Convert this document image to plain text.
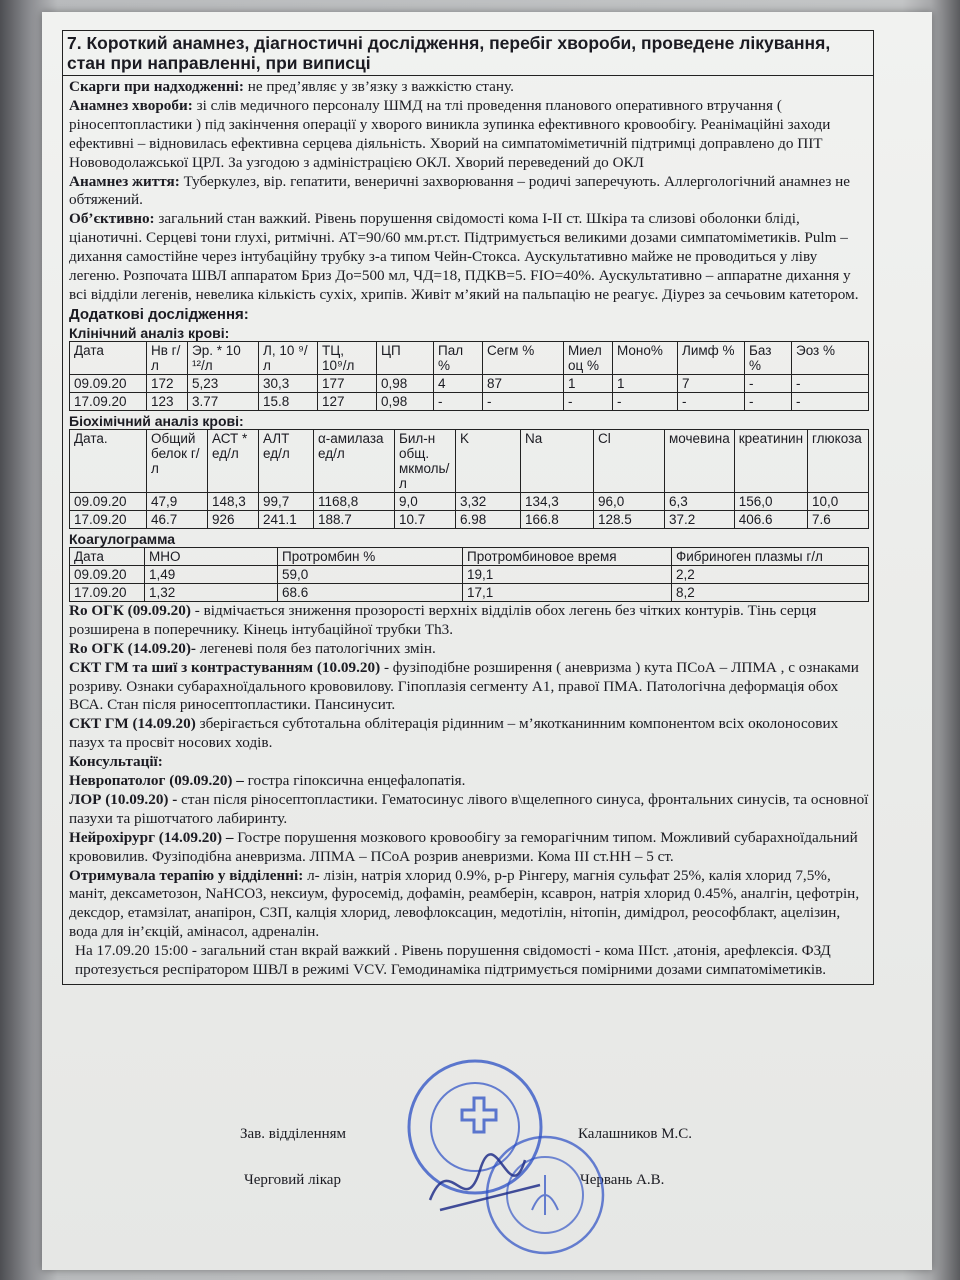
7. Короткий анамнез, діагностичні дослідження, перебіг хвороби, проведене лікування, стан при направленні, при виписці

Скарги при надходженні: не пред’являє у зв’язку з важкістю стану.

Анамнез хвороби: зі слів медичного персоналу ШМД на тлі проведення планового оперативного втручання ( ріносептопластики ) під закінчення операції у хворого виникла зупинка ефективного кровообігу. Реанімаційні заходи ефективні – відновилась ефективна серцева діяльність. Хворий на симпатоміметичній підтримці доправлено до ПІТ Нововодолажської ЦРЛ. За узгодою з адміністрацією ОКЛ. Хворий переведений до ОКЛ

Анамнез життя: Туберкулез, вір. гепатити, венеричні захворювання – родичі заперечують. Аллергологічний анамнез не обтяжений.

Об’єктивно: загальний стан важкий. Рівень порушення свідомості кома І-ІІ ст. Шкіра та слизові оболонки бліді, ціанотичні. Серцеві тони глухі, ритмічні. АТ=90/60 мм.рт.ст. Підтримується великими дозами симпатоміметиків. Pulm – дихання самостійне через інтубаційну трубку з-а типом Чейн-Стокса. Аускультативно майже не проводиться у ліву легеню. Розпочата ШВЛ аппаратом Бриз До=500 мл, ЧД=18, ПДКВ=5. FIO=40%. Аускультативно – аппаратне дихання у всі відділи легенів, невелика кількість сухіх, хрипів. Живіт м’який на пальпацію не реагує. Діурез за сечьовим катетором.

Додаткові дослідження:

Клінічний аналіз крові:
Дата	Нв г/л	Эр. * 10 ¹²/л	Л, 10 ⁹/л	ТЦ, 10⁹/л	ЦП	Пал %	Сегм %	Миел оц %	Моно%	Лимф %	Баз %	Эоз %
09.09.20	172	5,23	30,3	177	0,98	4	87	1	1	7	-	-
17.09.20	123	3.77	15.8	127	0,98	-	-	-	-	-	-	-
Біохімічний аналіз крові:
Дата.	Общий белок г/л	АСТ * ед/л	АЛТ ед/л	α-амилаза ед/л	Бил-н общ. мкмоль/л	K	Na	Cl	мочевина	креатинин	глюкоза
09.09.20	47,9	148,3	99,7	1168,8	9,0	3,32	134,3	96,0	6,3	156,0	10,0
17.09.20	46.7	926	241.1	188.7	10.7	6.98	166.8	128.5	37.2	406.6	7.6
Коагулограмма
Дата	МНО	Протромбин %	Протромбиновое время	Фибриноген плазмы г/л
09.09.20	1,49	59,0	19,1	2,2
17.09.20	1,32	68.6	17,1	8,2

Ro ОГК (09.09.20) - відмічається зниження прозорості верхніх відділів обох легень без чітких контурів. Тінь серця розширена в поперечнику. Кінець інтубаційної трубки Th3.

Ro ОГК (14.09.20)- легеневі поля без патологічних змін.

СКТ ГМ та шиї з контрастуванням (10.09.20) - фузіподібне розширення ( аневризма ) кута ПСоА – ЛПМА , с ознаками розриву. Ознаки субарахноїдального крововилову. Гіпоплазія сегменту А1, правої ПМА. Патологічна деформація обох ВСА. Стан після риносептопластики. Пансинусит.

СКТ ГМ (14.09.20) зберігається субтотальна облітерація рідинним – м’якотканинним компонентом всіх околоносових пазух та просвіт носових ходів.

Консультації:

Невропатолог (09.09.20) – гостра гіпоксична енцефалопатія.

ЛОР (10.09.20) - стан після ріносептопластики. Гематосинус лівого в\щелепного синуса, фронтальних синусів, та основної пазухи та рішотчатого лабиринту.

Нейрохірург (14.09.20) – Гостре порушення мозкового кровообігу за геморагічним типом. Можливий субарахноїдальний крововилив. Фузіподібна аневризма. ЛПМА – ПСоА розрив аневризми. Кома ІІІ ст.НН – 5 ст.

Отримувала терапію у відділенні: л- лізін, натрія хлорид 0.9%, р-р Рінгеру, магнія сульфат 25%, калія хлорид 7,5%, маніт, дексаметозон, NaHCO3, нексиум, фуросемід, дофамін, реамберін, ксаврон, натрія хлорид 0.45%, аналгін, цефотрін, дексдор, етамзілат, анапірон, СЗП, калція хлорид, левофлоксацин, медотілін, нітопін, димідрол, реософблакт, ацелізин, вода для ін’єкцій, амінасол, адреналін.

На 17.09.20 15:00 - загальний стан вкрай важкий . Рівень порушення свідомості - кома ІІІст. ,атонія, арефлексія. ФЗД протезується респіратором ШВЛ в режимі VCV. Гемодинаміка підтримується помірними дозами симпатоміметиків.

Зав. відділенням	Калашников М.С.
Черговий лікар	Червань А.В.
